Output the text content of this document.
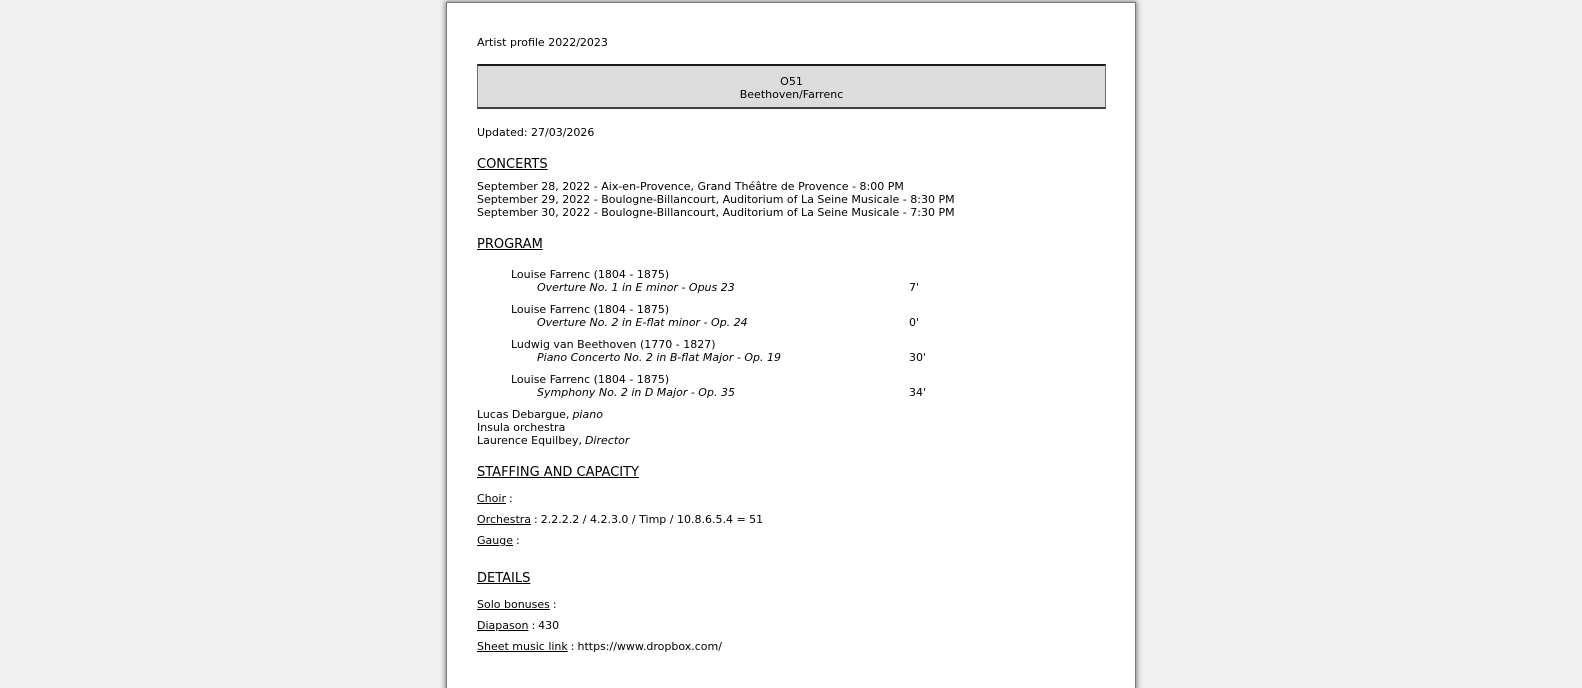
Artist profile 2022/2023
O51
Beethoven/Farrenc
Updated: 27/03/2026
CONCERTS
September 28, 2022 - Aix-en-Provence, Grand Théâtre de Provence - 8:00 PM
September 29, 2022 - Boulogne-Billancourt, Auditorium of La Seine Musicale - 8:30 PM
September 30, 2022 - Boulogne-Billancourt, Auditorium of La Seine Musicale - 7:30 PM
PROGRAM
Louise Farrenc (1804 - 1875)
Overture No. 1 in E minor - Opus 23	7'
Louise Farrenc (1804 - 1875)
Overture No. 2 in E-flat minor - Op. 24	0'
Ludwig van Beethoven (1770 - 1827)
Piano Concerto No. 2 in B-flat Major - Op. 19	30'
Louise Farrenc (1804 - 1875)
Symphony No. 2 in D Major - Op. 35	34'
Lucas Debargue, piano
Insula orchestra
Laurence Equilbey, Director
STAFFING AND CAPACITY
Choir :
Orchestra : 2.2.2.2 / 4.2.3.0 / Timp / 10.8.6.5.4 = 51
Gauge :
DETAILS
Solo bonuses :
Diapason : 430
Sheet music link : https://www.dropbox.com/
